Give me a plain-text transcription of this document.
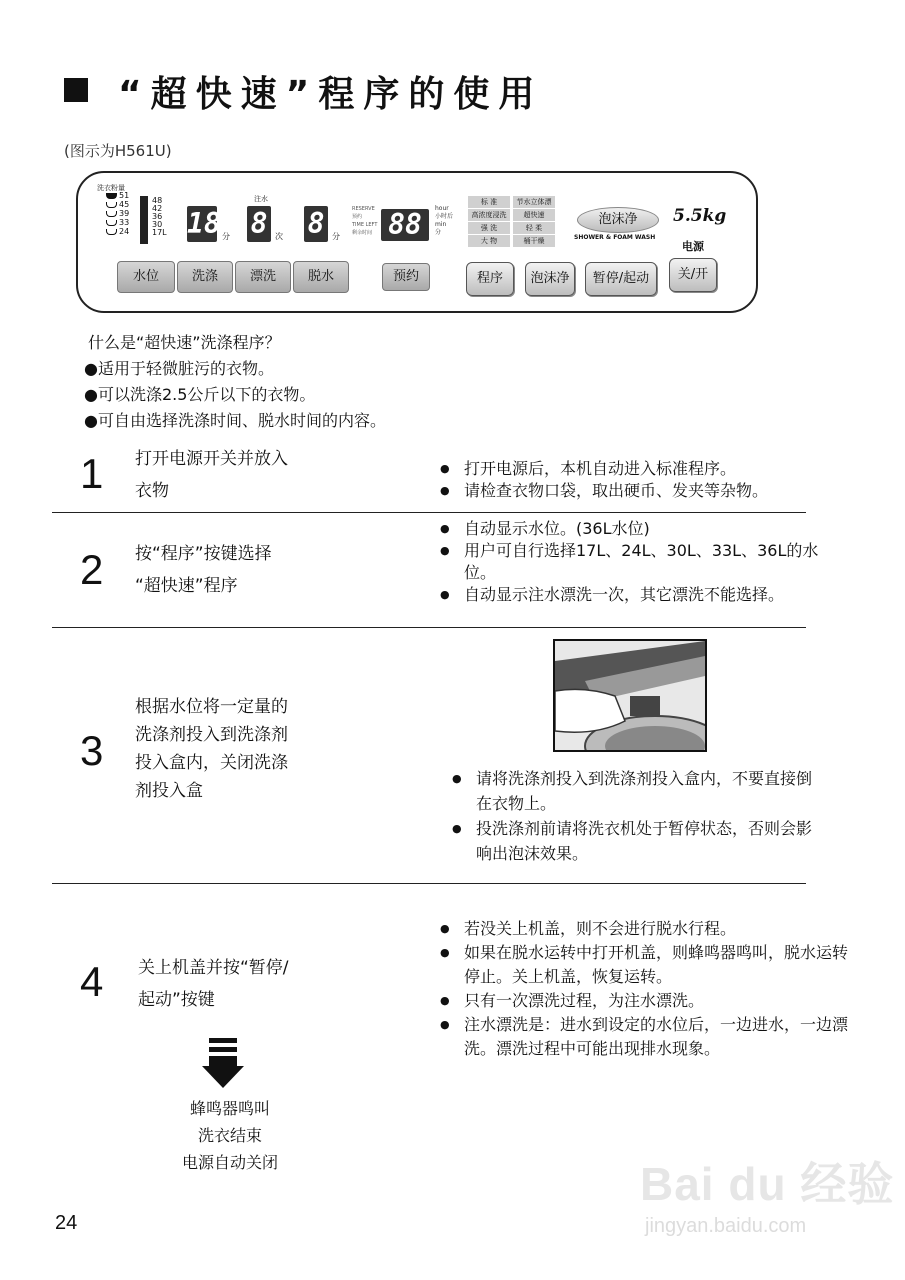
“超快速”程序的使用
(图示为H561U)
洗衣粉量
51
45
39
33
24
48
42
36
30
17L 18 分
注水
8 次 8 分
RESERVE
预约
TIME LEFT
剩余时间 88	hour
小时后
min
分
标 准
高浓度浸洗
强 洗
大 物
节水立体漂
超快速
轻 柔
桶干燥
泡沫净
SHOWER & FOAM WASH
5.5kg
电源
水位	洗涤	漂洗	脱水	预约	程序	泡沫净	暂停/起动	关/开
什么是“超快速”洗涤程序？
●适用于轻微脏污的衣物。
●可以洗涤2.5公斤以下的衣物。
●可自由选择洗涤时间、脱水时间的内容。
1 打开电源开关并放入
衣物
● 打开电源后，本机自动进入标准程序。
● 请检查衣物口袋，取出硬币、发夹等杂物。
2 按“程序”按键选择
“超快速”程序
● 自动显示水位。(36L水位)
● 用户可自行选择17L、24L、30L、33L、36L的水位。
● 自动显示注水漂洗一次，其它漂洗不能选择。
3
根据水位将一定量的
洗涤剂投入到洗涤剂
投入盒内，关闭洗涤
剂投入盒
● 请将洗涤剂投入到洗涤剂投入盒内，不要直接倒在衣物上。
● 投洗涤剂前请将洗衣机处于暂停状态，否则会影响出泡沫效果。
4 关上机盖并按“暂停/
起动”按键
● 若没关上机盖，则不会进行脱水行程。
● 如果在脱水运转中打开机盖，则蜂鸣器鸣叫，脱水运转停止。关上机盖，恢复运转。
● 只有一次漂洗过程，为注水漂洗。
● 注水漂洗是：进水到设定的水位后，一边进水，一边漂洗。漂洗过程中可能出现排水现象。
蜂鸣器鸣叫
洗衣结束
电源自动关闭
24
Bai du 经验
jingyan.baidu.com
